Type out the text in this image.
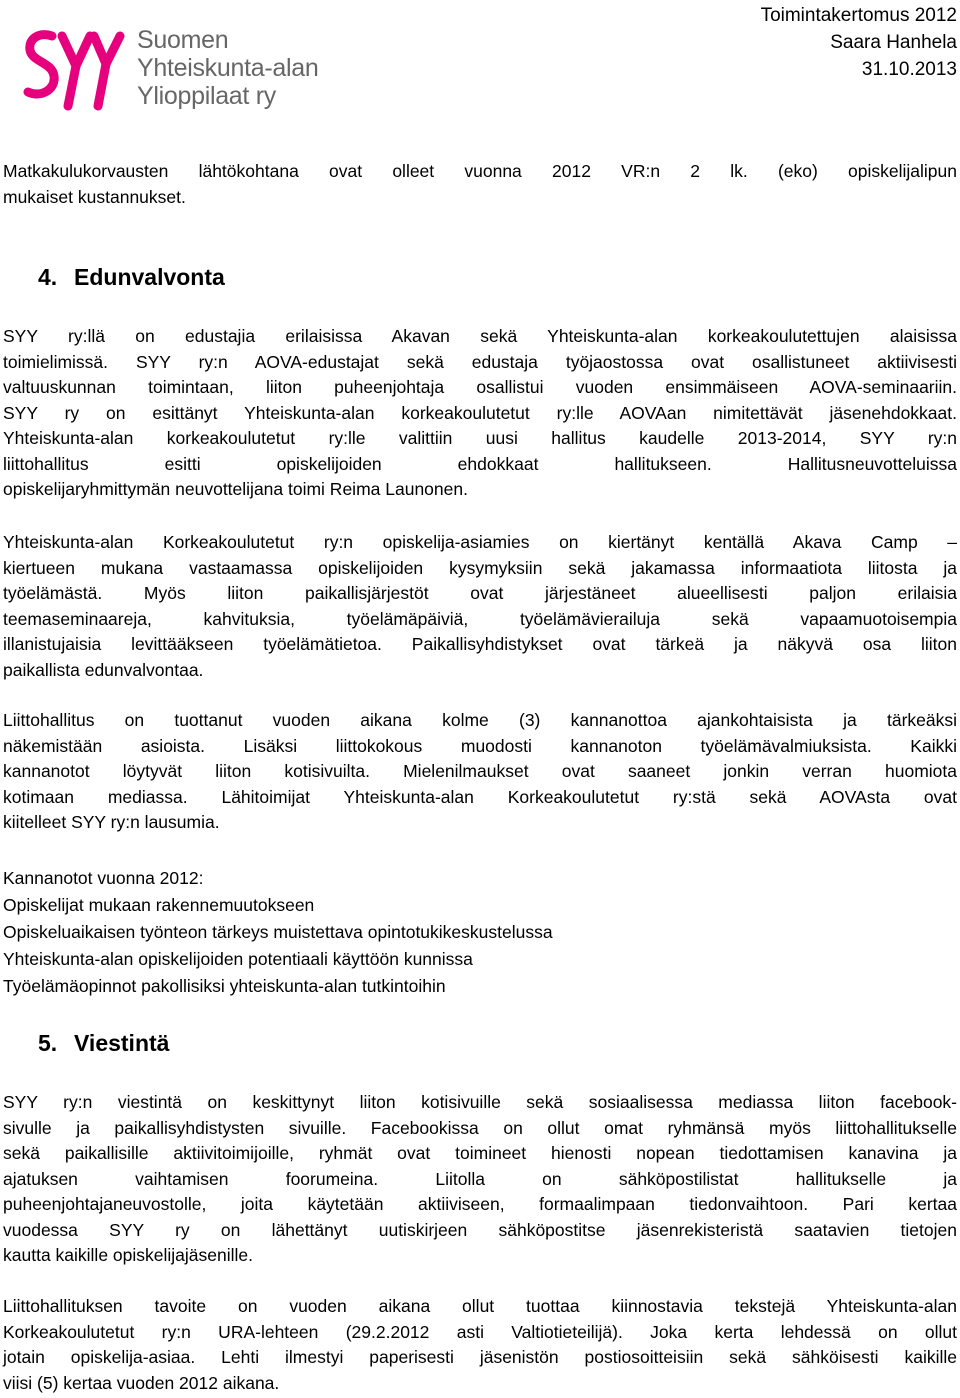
Suomen
Yhteiskunta-alan
Ylioppilaat ry
Toimintakertomus 2012
Saara Hanhela
31.10.2013
Matkakulukorvausten lähtökohtana ovat olleet vuonna 2012 VR:n 2 lk. (eko) opiskelijalipun
mukaiset kustannukset.
4. Edunvalvonta
SYY ry:llä on edustajia erilaisissa Akavan sekä Yhteiskunta-alan korkeakoulutettujen alaisissa
toimielimissä. SYY ry:n AOVA-edustajat sekä edustaja työjaostossa ovat osallistuneet aktiivisesti
valtuuskunnan toimintaan, liiton puheenjohtaja osallistui vuoden ensimmäiseen AOVA-seminaariin.
SYY ry on esittänyt Yhteiskunta-alan korkeakoulutetut ry:lle AOVAan nimitettävät jäsenehdokkaat.
Yhteiskunta-alan korkeakoulutetut ry:lle valittiin uusi hallitus kaudelle 2013-2014, SYY ry:n
liittohallitus esitti opiskelijoiden ehdokkaat hallitukseen. Hallitusneuvotteluissa
opiskelijaryhmittymän neuvottelijana toimi Reima Launonen.
Yhteiskunta-alan Korkeakoulutetut ry:n opiskelija-asiamies on kiertänyt kentällä Akava Camp –
kiertueen mukana vastaamassa opiskelijoiden kysymyksiin sekä jakamassa informaatiota liitosta ja
työelämästä. Myös liiton paikallisjärjestöt ovat järjestäneet alueellisesti paljon erilaisia
teemaseminaareja, kahvituksia, työelämäpäiviä, työelämävierailuja sekä vapaamuotoisempia
illanistujaisia levittääkseen työelämätietoa. Paikallisyhdistykset ovat tärkeä ja näkyvä osa liiton
paikallista edunvalvontaa.
Liittohallitus on tuottanut vuoden aikana kolme (3) kannanottoa ajankohtaisista ja tärkeäksi
näkemistään asioista. Lisäksi liittokokous muodosti kannanoton työelämävalmiuksista. Kaikki
kannanotot löytyvät liiton kotisivuilta. Mielenilmaukset ovat saaneet jonkin verran huomiota
kotimaan mediassa. Lähitoimijat Yhteiskunta-alan Korkeakoulutetut ry:stä sekä AOVAsta ovat
kiitelleet SYY ry:n lausumia.
Kannanotot vuonna 2012:
Opiskelijat mukaan rakennemuutokseen
Opiskeluaikaisen työnteon tärkeys muistettava opintotukikeskustelussa
Yhteiskunta-alan opiskelijoiden potentiaali käyttöön kunnissa
Työelämäopinnot pakollisiksi yhteiskunta-alan tutkintoihin
5. Viestintä
SYY ry:n viestintä on keskittynyt liiton kotisivuille sekä sosiaalisessa mediassa liiton facebook-
sivulle ja paikallisyhdistysten sivuille. Facebookissa on ollut omat ryhmänsä myös liittohallitukselle
sekä paikallisille aktiivitoimijoille, ryhmät ovat toimineet hienosti nopean tiedottamisen kanavina ja
ajatuksen vaihtamisen foorumeina. Liitolla on sähköpostilistat hallitukselle ja
puheenjohtajaneuvostolle, joita käytetään aktiiviseen, formaalimpaan tiedonvaihtoon. Pari kertaa
vuodessa SYY ry on lähettänyt uutiskirjeen sähköpostitse jäsenrekisteristä saatavien tietojen
kautta kaikille opiskelijajäsenille.
Liittohallituksen tavoite on vuoden aikana ollut tuottaa kiinnostavia tekstejä Yhteiskunta-alan
Korkeakoulutetut ry:n URA-lehteen (29.2.2012 asti Valtiotieteilijä). Joka kerta lehdessä on ollut
jotain opiskelija-asiaa. Lehti ilmestyi paperisesti jäsenistön postiosoitteisiin sekä sähköisesti kaikille
viisi (5) kertaa vuoden 2012 aikana.
